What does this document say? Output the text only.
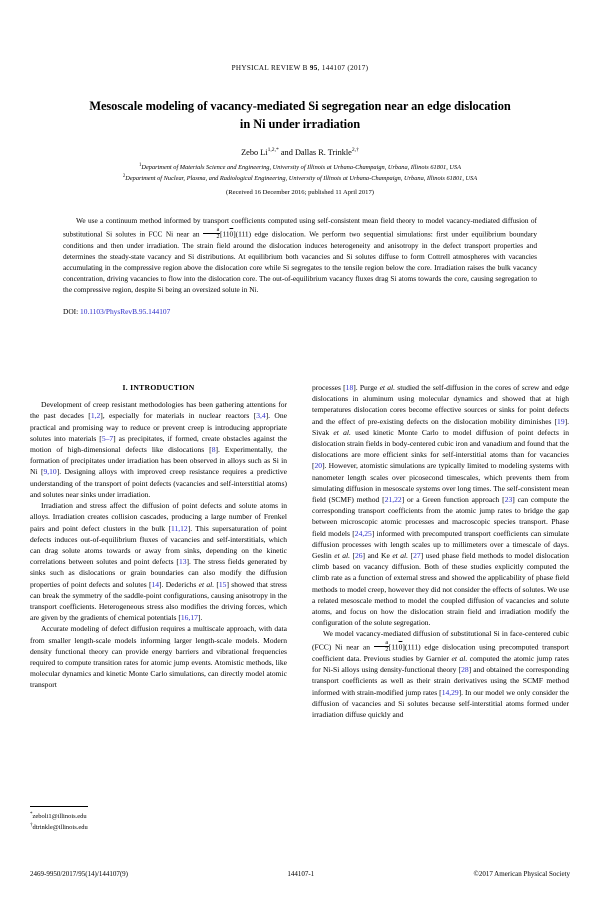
PHYSICAL REVIEW B 95, 144107 (2017)
Mesoscale modeling of vacancy-mediated Si segregation near an edge dislocation in Ni under irradiation
Zebo $Li^{1,2,*}$ and Dallas R. Trinkle$^{2,\dagger}$
$^1$Department of Materials Science and Engineering, University of Illinois at Urbana-Champaign, Urbana, Illinois 61801, USA
$^2$Department of Nuclear, Plasma, and Radiological Engineering, University of Illinois at Urbana-Champaign, Urbana, Illinois 61801, USA
(Received 16 December 2016; published 11 April 2017)
We use a continuum method informed by transport coefficients computed using self-consistent mean field theory to model vacancy-mediated diffusion of substitutional Si solutes in FCC Ni near an $\frac{a}{2} [110](111)$ edge dislocation. We perform two sequential simulations: first under equilibrium boundary conditions and then under irradiation. The strain field around the dislocation induces heterogeneity and anisotropy in the defect transport properties and determines the steady-state vacancy and Si distributions. At equilibrium both vacancies and Si solutes diffuse to form Cottrell atmospheres with vacancies accumulating in the compressive region above the dislocation core while Si segregates to the tensile region below the core. Irradiation raises the bulk vacancy concentration, driving vacancies to flow into the dislocation core. The out-of-equilibrium vacancy fluxes drag Si atoms towards the core, causing segregation to the compressive region, despite Si being an oversized solute in Ni.
DOI: 10.1103/PhysRevB.95.144107
I. INTRODUCTION

Development of creep resistant methodologies has been gathering attentions for the past decades [1,2], especially for materials in nuclear reactors [3,4]. One practical and promising way to reduce or prevent creep is introducing appropriate solutes into materials [5–7] as precipitates, if formed, create obstacles against the motion of high-dimensional defects like dislocations [8]. Experimentally, the formation of precipitates under irradiation has been observed in alloys such as Si in Ni [9,10]. Designing alloys with improved creep resistance requires a predictive understanding of the transport of point defects (vacancies and self-interstitial atoms) and solutes near sinks under irradiation.

Irradiation and stress affect the diffusion of point defects and solute atoms in alloys. Irradiation creates collision cascades, producing a large number of Frenkel pairs and point defect clusters in the bulk [11,12]. This supersaturation of point defects induces out-of-equilibrium fluxes of vacancies and self-interstitials, which can drag solute atoms towards or away from sinks, depending on the kinetic correlations between solutes and point defects [13]. The stress fields generated by sinks such as dislocations or grain boundaries can also modify the diffusion properties of point defects and solutes [14]. Dederichs et al. [15] showed that stress can break the symmetry of the saddle-point configurations, causing anisotropy in the transport coefficients. Heterogeneous stress also modifies the driving forces, which are given by the gradients of chemical potentials [16,17].

Accurate modeling of defect diffusion requires a multiscale approach, with data from smaller length-scale models informing larger length-scale models. Modern density functional theory can provide energy barriers and vibrational frequencies required to compute transition rates for atomic jump events. Atomistic methods, like molecular dynamics and kinetic Monte Carlo simulations, can directly model atomic transport

processes [18]. Purge et al. studied the self-diffusion in the cores of screw and edge dislocations in aluminum using molecular dynamics and showed that at high temperatures dislocation cores become effective sources or sinks for point defects and the effect of pre-existing defects on the dislocation mobility diminishes [19]. Sivak et al. used kinetic Monte Carlo to model diffusion of point defects in dislocation strain fields in body-centered cubic iron and vanadium and found that the dislocations are more efficient sinks for self-interstitial atoms than for vacancies [20]. However, atomistic simulations are typically limited to modeling systems with nanometer length scales over picosecond timescales, which prevents them from simulating diffusion in mesoscale systems over long times. The self-consistent mean field (SCMF) method [21,22] or a Green function approach [23] can compute the corresponding transport coefficients from the atomic jump rates to bridge the gap between microscopic atomic processes and macroscopic species transport. Phase field models [24,25] informed with precomputed transport coefficients can simulate diffusion processes with length scales up to millimeters over a timescale of days. Geslin et al. [26] and Ke et al. [27] used phase field methods to model dislocation climb based on vacancy diffusion. Both of these studies explicitly computed the climb rate as a function of external stress and showed the applicability of phase field methods to model creep, however they did not consider the effects of solutes. We use a related mesoscale method to model the coupled diffusion of vacancies and solute atoms, and focus on how the dislocation strain field and irradiation modify the configuration of the solute segregation.

We model vacancy-mediated diffusion of substitutional Si in face-centered cubic (FCC) Ni near an $\frac{a}{2} [110](111)$ edge dislocation using precomputed transport coefficient data. Previous studies by Garnier et al. computed the atomic jump rates for Ni-Si alloys using density-functional theory [28] and obtained the corresponding transport coefficients as well as their strain derivatives using the SCMF method informed with strain-modified jump rates [14,29]. In our model we only consider the diffusion of vacancies and Si solutes because self-interstitial atoms formed under irradiation diffuse quickly and

*zeboli1@illinois.edu
†dtrinkle@illinois.edu
2469-9950/2017/95(14)/144107(9)	144107-1	©2017 American Physical Society
